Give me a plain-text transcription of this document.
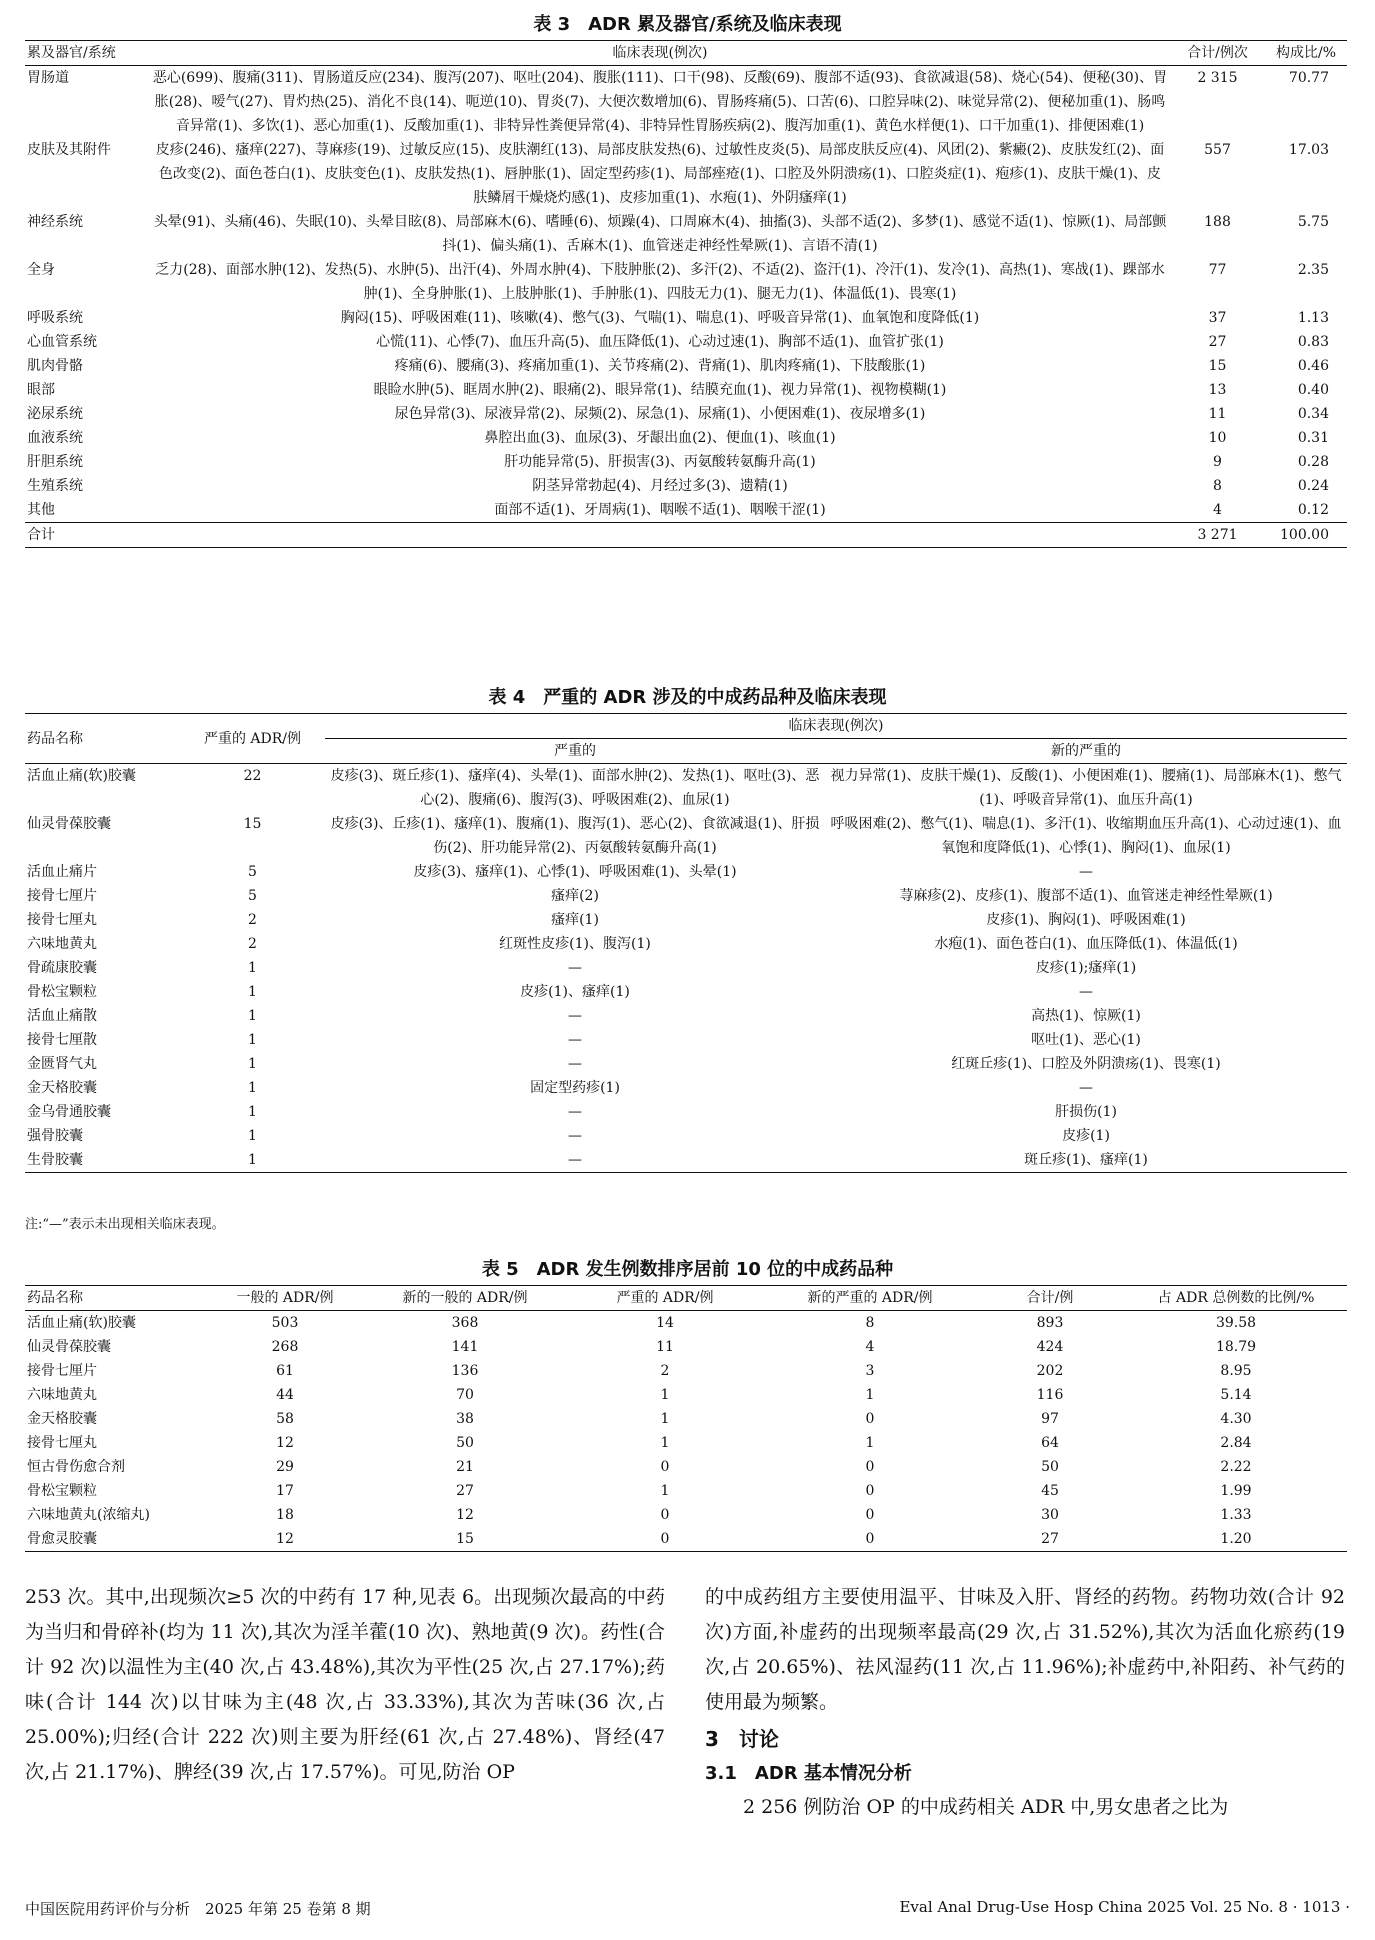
表 3　ADR 累及器官/系统及临床表现
累及器官/系统	临床表现(例次)	合计/例次	构成比/%
胃肠道	恶心(699)、腹痛(311)、胃肠道反应(234)、腹泻(207)、呕吐(204)、腹胀(111)、口干(98)、反酸(69)、腹部不适(93)、食欲减退(58)、烧心(54)、便秘(30)、胃胀(28)、嗳气(27)、胃灼热(25)、消化不良(14)、呃逆(10)、胃炎(7)、大便次数增加(6)、胃肠疼痛(5)、口苦(6)、口腔异味(2)、味觉异常(2)、便秘加重(1)、肠鸣音异常(1)、多饮(1)、恶心加重(1)、反酸加重(1)、非特异性粪便异常(4)、非特异性胃肠疾病(2)、腹泻加重(1)、黄色水样便(1)、口干加重(1)、排便困难(1)	2 315	70.77
皮肤及其附件	皮疹(246)、瘙痒(227)、荨麻疹(19)、过敏反应(15)、皮肤潮红(13)、局部皮肤发热(6)、过敏性皮炎(5)、局部皮肤反应(4)、风团(2)、紫癜(2)、皮肤发红(2)、面色改变(2)、面色苍白(1)、皮肤变色(1)、皮肤发热(1)、唇肿胀(1)、固定型药疹(1)、局部痤疮(1)、口腔及外阴溃疡(1)、口腔炎症(1)、疱疹(1)、皮肤干燥(1)、皮肤鳞屑干燥烧灼感(1)、皮疹加重(1)、水疱(1)、外阴瘙痒(1)	557	17.03
神经系统	头晕(91)、头痛(46)、失眠(10)、头晕目眩(8)、局部麻木(6)、嗜睡(6)、烦躁(4)、口周麻木(4)、抽搐(3)、头部不适(2)、多梦(1)、感觉不适(1)、惊厥(1)、局部颤抖(1)、偏头痛(1)、舌麻木(1)、血管迷走神经性晕厥(1)、言语不清(1)	188	5.75
全身	乏力(28)、面部水肿(12)、发热(5)、水肿(5)、出汗(4)、外周水肿(4)、下肢肿胀(2)、多汗(2)、不适(2)、盗汗(1)、冷汗(1)、发冷(1)、高热(1)、寒战(1)、踝部水肿(1)、全身肿胀(1)、上肢肿胀(1)、手肿胀(1)、四肢无力(1)、腿无力(1)、体温低(1)、畏寒(1)	77	2.35
呼吸系统	胸闷(15)、呼吸困难(11)、咳嗽(4)、憋气(3)、气喘(1)、喘息(1)、呼吸音异常(1)、血氧饱和度降低(1)	37	1.13
心血管系统	心慌(11)、心悸(7)、血压升高(5)、血压降低(1)、心动过速(1)、胸部不适(1)、血管扩张(1)	27	0.83
肌肉骨骼	疼痛(6)、腰痛(3)、疼痛加重(1)、关节疼痛(2)、背痛(1)、肌肉疼痛(1)、下肢酸胀(1)	15	0.46
眼部	眼睑水肿(5)、眶周水肿(2)、眼痛(2)、眼异常(1)、结膜充血(1)、视力异常(1)、视物模糊(1)	13	0.40
泌尿系统	尿色异常(3)、尿液异常(2)、尿频(2)、尿急(1)、尿痛(1)、小便困难(1)、夜尿增多(1)	11	0.34
血液系统	鼻腔出血(3)、血尿(3)、牙龈出血(2)、便血(1)、咳血(1)	10	0.31
肝胆系统	肝功能异常(5)、肝损害(3)、丙氨酸转氨酶升高(1)	9	0.28
生殖系统	阴茎异常勃起(4)、月经过多(3)、遗精(1)	8	0.24
其他	面部不适(1)、牙周病(1)、咽喉不适(1)、咽喉干涩(1)	4	0.12
合计		3 271	100.00
表 4　严重的 ADR 涉及的中成药品种及临床表现
药品名称	严重的 ADR/例	临床表现(例次)	
		严重的	新的严重的
活血止痛(软)胶囊	22	皮疹(3)、斑丘疹(1)、瘙痒(4)、头晕(1)、面部水肿(2)、发热(1)、呕吐(3)、恶心(2)、腹痛(6)、腹泻(3)、呼吸困难(2)、血尿(1)	视力异常(1)、皮肤干燥(1)、反酸(1)、小便困难(1)、腰痛(1)、局部麻木(1)、憋气(1)、呼吸音异常(1)、血压升高(1)
仙灵骨葆胶囊	15	皮疹(3)、丘疹(1)、瘙痒(1)、腹痛(1)、腹泻(1)、恶心(2)、食欲减退(1)、肝损伤(2)、肝功能异常(2)、丙氨酸转氨酶升高(1)	呼吸困难(2)、憋气(1)、喘息(1)、多汗(1)、收缩期血压升高(1)、心动过速(1)、血氧饱和度降低(1)、心悸(1)、胸闷(1)、血尿(1)
活血止痛片	5	皮疹(3)、瘙痒(1)、心悸(1)、呼吸困难(1)、头晕(1)	—
接骨七厘片	5	瘙痒(2)	荨麻疹(2)、皮疹(1)、腹部不适(1)、血管迷走神经性晕厥(1)
接骨七厘丸	2	瘙痒(1)	皮疹(1)、胸闷(1)、呼吸困难(1)
六味地黄丸	2	红斑性皮疹(1)、腹泻(1)	水疱(1)、面色苍白(1)、血压降低(1)、体温低(1)
骨疏康胶囊	1	—	皮疹(1);瘙痒(1)
骨松宝颗粒	1	皮疹(1)、瘙痒(1)	—
活血止痛散	1	—	高热(1)、惊厥(1)
接骨七厘散	1	—	呕吐(1)、恶心(1)
金匮肾气丸	1	—	红斑丘疹(1)、口腔及外阴溃疡(1)、畏寒(1)
金天格胶囊	1	固定型药疹(1)	—
金乌骨通胶囊	1	—	肝损伤(1)
强骨胶囊	1	—	皮疹(1)
生骨胶囊	1	—	斑丘疹(1)、瘙痒(1)
注:“—”表示未出现相关临床表现。
表 5　ADR 发生例数排序居前 10 位的中成药品种
药品名称	一般的 ADR/例	新的一般的 ADR/例	严重的 ADR/例	新的严重的 ADR/例	合计/例	占 ADR 总例数的比例/%
活血止痛(软)胶囊	503	368	14	8	893	39.58
仙灵骨葆胶囊	268	141	11	4	424	18.79
接骨七厘片	61	136	2	3	202	8.95
六味地黄丸	44	70	1	1	116	5.14
金天格胶囊	58	38	1	0	97	4.30
接骨七厘丸	12	50	1	1	64	2.84
恒古骨伤愈合剂	29	21	0	0	50	2.22
骨松宝颗粒	17	27	1	0	45	1.99
六味地黄丸(浓缩丸)	18	12	0	0	30	1.33
骨愈灵胶囊	12	15	0	0	27	1.20

253 次。其中,出现频次≥5 次的中药有 17 种,见表 6。出现频次最高的中药为当归和骨碎补(均为 11 次),其次为淫羊藿(10 次)、熟地黄(9 次)。药性(合计 92 次)以温性为主(40 次,占 43.48%),其次为平性(25 次,占 27.17%);药味(合计 144 次)以甘味为主(48 次,占 33.33%),其次为苦味(36 次,占 25.00%);归经(合计 222 次)则主要为肝经(61 次,占 27.48%)、肾经(47 次,占 21.17%)、脾经(39 次,占 17.57%)。可见,防治 OP

的中成药组方主要使用温平、甘味及入肝、肾经的药物。药物功效(合计 92 次)方面,补虚药的出现频率最高(29 次,占 31.52%),其次为活血化瘀药(19 次,占 20.65%)、祛风湿药(11 次,占 11.96%);补虚药中,补阳药、补气药的使用最为频繁。

3　讨论
3.1　ADR 基本情况分析

2 256 例防治 OP 的中成药相关 ADR 中,男女患者之比为

中国医院用药评价与分析　2025 年第 25 卷第 8 期	Eval Anal Drug-Use Hosp China 2025 Vol. 25 No. 8 · 1013 ·
